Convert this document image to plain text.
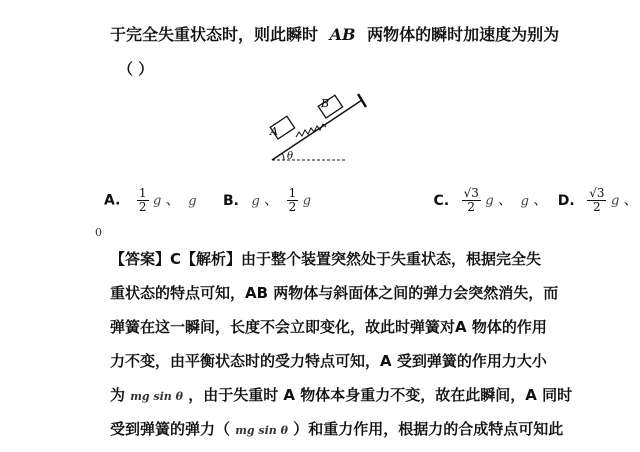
于完全失重状态时，则此瞬时 AB 两物体的瞬时加速度为别为
（ ）
θ
A
B
A. $\frac{1}{2}$ g 、 g B. g 、 $\frac{1}{2}$ g	C. $\frac{√3}{2}$ g 、 g 、 D. $\frac{√3}{2}$ g 、
0
【答案】C【解析】由于整个装置突然处于失重状态，根据完全失
重状态的特点可知，AB 两物体与斜面体之间的弹力会突然消失，而
弹簧在这一瞬间，长度不会立即变化，故此时弹簧对A 物体的作用
力不变，由平衡状态时的受力特点可知，A 受到弹簧的作用力大小
为 mg sin θ ，由于失重时 A 物体本身重力不变，故在此瞬间，A 同时
受到弹簧的弹力（ mg sin θ ）和重力作用，根据力的合成特点可知此
